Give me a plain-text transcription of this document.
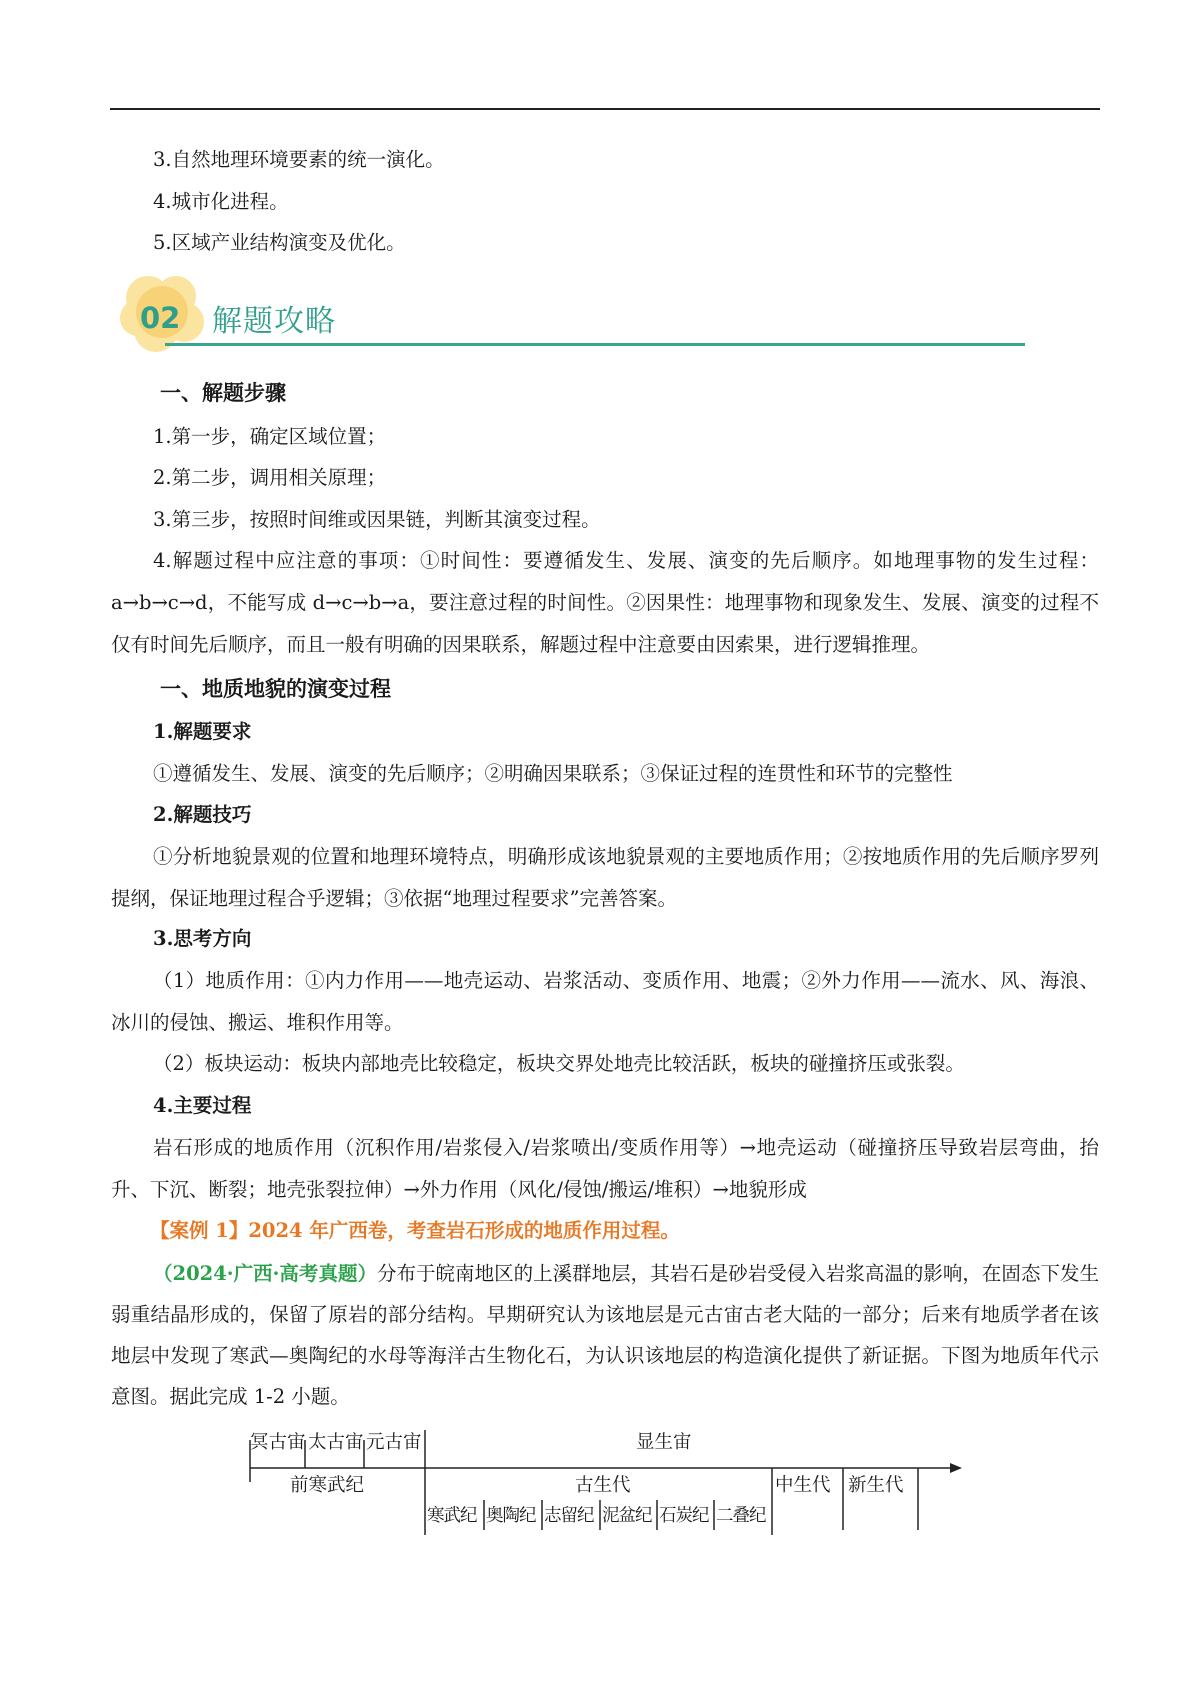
3.自然地理环境要素的统一演化。
4.城市化进程。
5.区域产业结构演变及优化。
02 解题攻略
一、解题步骤
1.第一步，确定区域位置；
2.第二步，调用相关原理；
3.第三步，按照时间维或因果链，判断其演变过程。
4.解题过程中应注意的事项：①时间性：要遵循发生、发展、演变的先后顺序。如地理事物的发生过程：a→b→c→d，不能写成 d→c→b→a，要注意过程的时间性。②因果性：地理事物和现象发生、发展、演变的过程不仅有时间先后顺序，而且一般有明确的因果联系，解题过程中注意要由因索果，进行逻辑推理。
一、地质地貌的演变过程
1.解题要求
①遵循发生、发展、演变的先后顺序；②明确因果联系；③保证过程的连贯性和环节的完整性
2.解题技巧
①分析地貌景观的位置和地理环境特点，明确形成该地貌景观的主要地质作用；②按地质作用的先后顺序罗列提纲，保证地理过程合乎逻辑；③依据“地理过程要求”完善答案。
3.思考方向
（1）地质作用：①内力作用——地壳运动、岩浆活动、变质作用、地震；②外力作用——流水、风、海浪、冰川的侵蚀、搬运、堆积作用等。
（2）板块运动：板块内部地壳比较稳定，板块交界处地壳比较活跃，板块的碰撞挤压或张裂。
4.主要过程
岩石形成的地质作用（沉积作用/岩浆侵入/岩浆喷出/变质作用等）→地壳运动（碰撞挤压导致岩层弯曲，抬升、下沉、断裂；地壳张裂拉伸）→外力作用（风化/侵蚀/搬运/堆积）→地貌形成
【案例 1】2024 年广西卷，考查岩石形成的地质作用过程。
（2024·广西·高考真题）分布于皖南地区的上溪群地层，其岩石是砂岩受侵入岩浆高温的影响，在固态下发生弱重结晶形成的，保留了原岩的部分结构。早期研究认为该地层是元古宙古老大陆的一部分；后来有地质学者在该地层中发现了寒武—奥陶纪的水母等海洋古生物化石，为认识该地层的构造演化提供了新证据。下图为地质年代示意图。据此完成 1-2 小题。
冥古宙 太古宙 元古宙	显生宙
前寒武纪	古生代	中生代 新生代
寒武纪 奥陶纪 志留纪 泥盆纪 石炭纪 二叠纪
